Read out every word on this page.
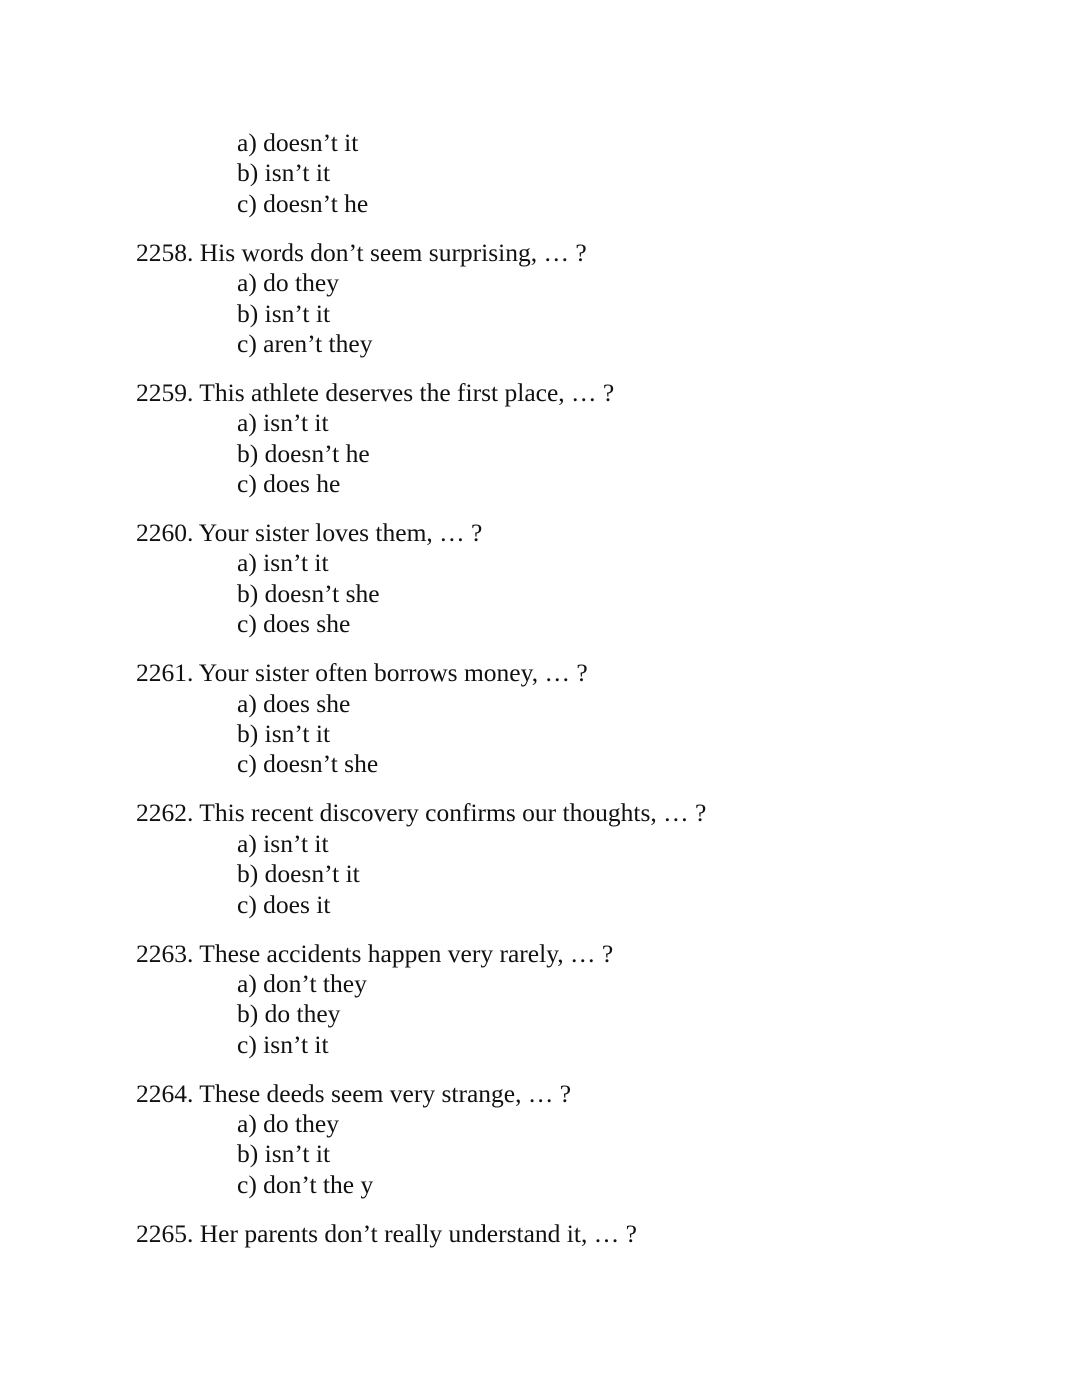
a) doesn’t it
b) isn’t it
c) doesn’t he
2258. His words don’t seem surprising, … ?
a) do they
b) isn’t it
c) aren’t they
2259. This athlete deserves the first place, … ?
a) isn’t it
b) doesn’t he
c) does he
2260. Your sister loves them, … ?
a) isn’t it
b) doesn’t she
c) does she
2261. Your sister often borrows money, … ?
a) does she
b) isn’t it
c) doesn’t she
2262. This recent discovery confirms our thoughts, … ?
a) isn’t it
b) doesn’t it
c) does it
2263. These accidents happen very rarely, … ?
a) don’t they
b) do they
c) isn’t it
2264. These deeds seem very strange, … ?
a) do they
b) isn’t it
c) don’t the y
2265. Her parents don’t really understand it, … ?
